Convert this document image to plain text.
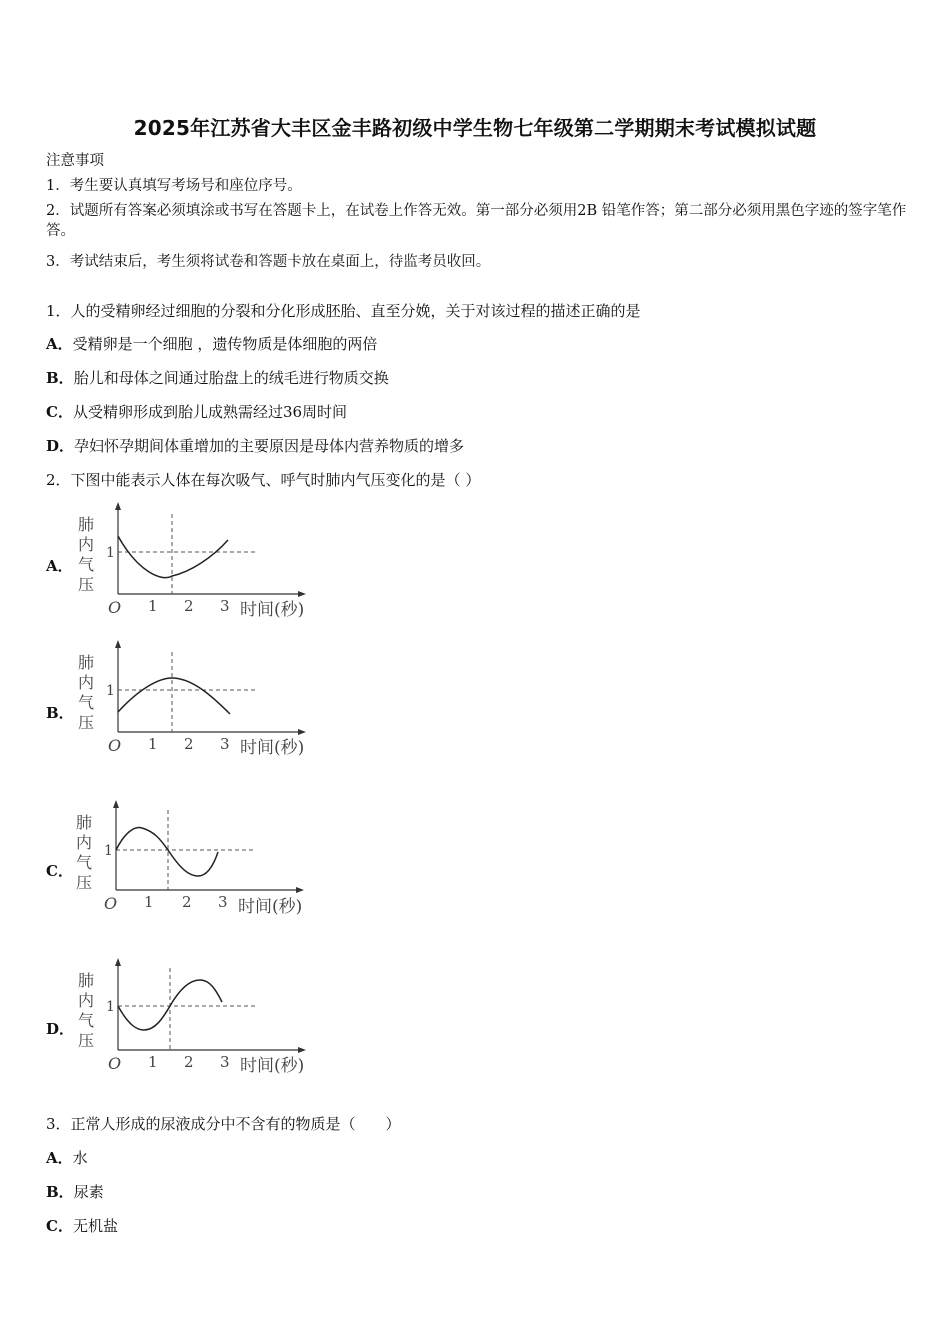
2025年江苏省大丰区金丰路初级中学生物七年级第二学期期末考试模拟试题
注意事项
1．考生要认真填写考场号和座位序号。
2．试题所有答案必须填涂或书写在答题卡上，在试卷上作答无效。第一部分必须用2B 铅笔作答；第二部分必须用黑色字迹的签字笔作答。
3．考试结束后，考生须将试卷和答题卡放在桌面上，待监考员收回。
1．人的受精卵经过细胞的分裂和分化形成胚胎、直至分娩，关于对该过程的描述正确的是
A．受精卵是一个细胞 ，遗传物质是体细胞的两倍
B．胎儿和母体之间通过胎盘上的绒毛进行物质交换
C．从受精卵形成到胎儿成熟需经过36周时间
D．孕妇怀孕期间体重增加的主要原因是母体内营养物质的增多
2．下图中能表示人体在每次吸气、呼气时肺内气压变化的是（ ）
A．
肺
内
气
压
1
O 1 2 3 时间(秒)
B．
肺
内
气
压
1
O 1 2 3 时间(秒)
C．
肺
内
气
压
1
O 1 2 3 时间(秒)
D．
肺
内
气
压
1
O 1 2 3 时间(秒)
3．正常人形成的尿液成分中不含有的物质是（　　）
A．水
B．尿素
C．无机盐
